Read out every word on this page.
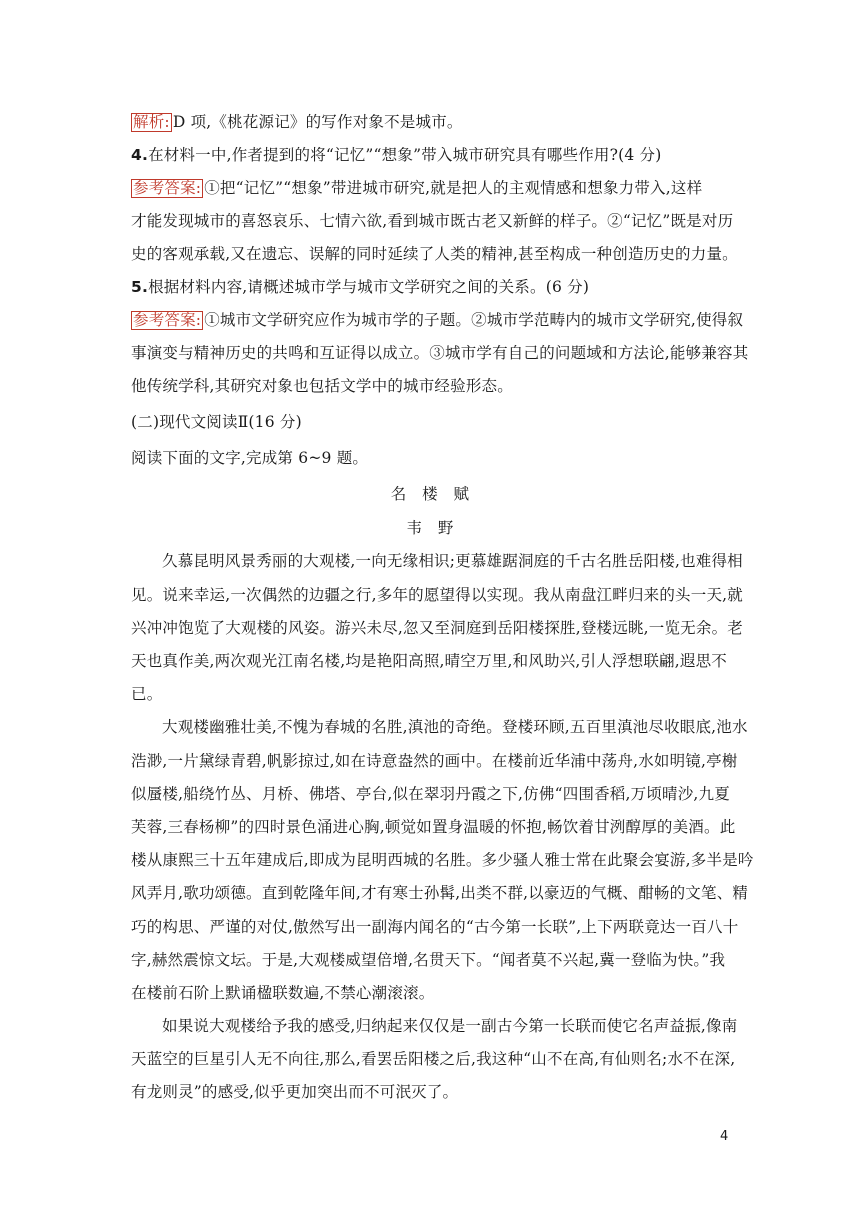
解析: D 项,《桃花源记》的写作对象不是城市。
4.在材料一中,作者提到的将“记忆”“想象”带入城市研究具有哪些作用?(4 分)
参考答案: ①把“记忆”“想象”带进城市研究,就是把人的主观情感和想象力带入,这样
才能发现城市的喜怒哀乐、七情六欲,看到城市既古老又新鲜的样子。②“记忆”既是对历
史的客观承载,又在遗忘、误解的同时延续了人类的精神,甚至构成一种创造历史的力量。
5.根据材料内容,请概述城市学与城市文学研究之间的关系。(6 分)
参考答案: ①城市文学研究应作为城市学的子题。②城市学范畴内的城市文学研究,使得叙
事演变与精神历史的共鸣和互证得以成立。③城市学有自己的问题域和方法论,能够兼容其
他传统学科,其研究对象也包括文学中的城市经验形态。
(二)现代文阅读Ⅱ(16 分)
阅读下面的文字,完成第 6~9 题。
名　楼　赋
韦　野
久慕昆明风景秀丽的大观楼,一向无缘相识;更慕雄踞洞庭的千古名胜岳阳楼,也难得相
见。说来幸运,一次偶然的边疆之行,多年的愿望得以实现。我从南盘江畔归来的头一天,就
兴冲冲饱览了大观楼的风姿。游兴未尽,忽又至洞庭到岳阳楼探胜,登楼远眺,一览无余。老
天也真作美,两次观光江南名楼,均是艳阳高照,晴空万里,和风助兴,引人浮想联翩,遐思不
已。
大观楼幽雅壮美,不愧为春城的名胜,滇池的奇绝。登楼环顾,五百里滇池尽收眼底,池水
浩渺,一片黛绿青碧,帆影掠过,如在诗意盎然的画中。在楼前近华浦中荡舟,水如明镜,亭榭
似蜃楼,船绕竹丛、月桥、佛塔、亭台,似在翠羽丹霞之下,仿佛“四围香稻,万顷晴沙,九夏
芙蓉,三春杨柳”的四时景色涌进心胸,顿觉如置身温暖的怀抱,畅饮着甘洌醇厚的美酒。此
楼从康熙三十五年建成后,即成为昆明西城的名胜。多少骚人雅士常在此聚会宴游,多半是吟
风弄月,歌功颂德。直到乾隆年间,才有寒士孙髯,出类不群,以豪迈的气概、酣畅的文笔、精
巧的构思、严谨的对仗,傲然写出一副海内闻名的“古今第一长联”,上下两联竟达一百八十
字,赫然震惊文坛。于是,大观楼威望倍增,名贯天下。“闻者莫不兴起,冀一登临为快。”我
在楼前石阶上默诵楹联数遍,不禁心潮滚滚。
如果说大观楼给予我的感受,归纳起来仅仅是一副古今第一长联而使它名声益振,像南
天蓝空的巨星引人无不向往,那么,看罢岳阳楼之后,我这种“山不在高,有仙则名;水不在深,
有龙则灵”的感受,似乎更加突出而不可泯灭了。
4
